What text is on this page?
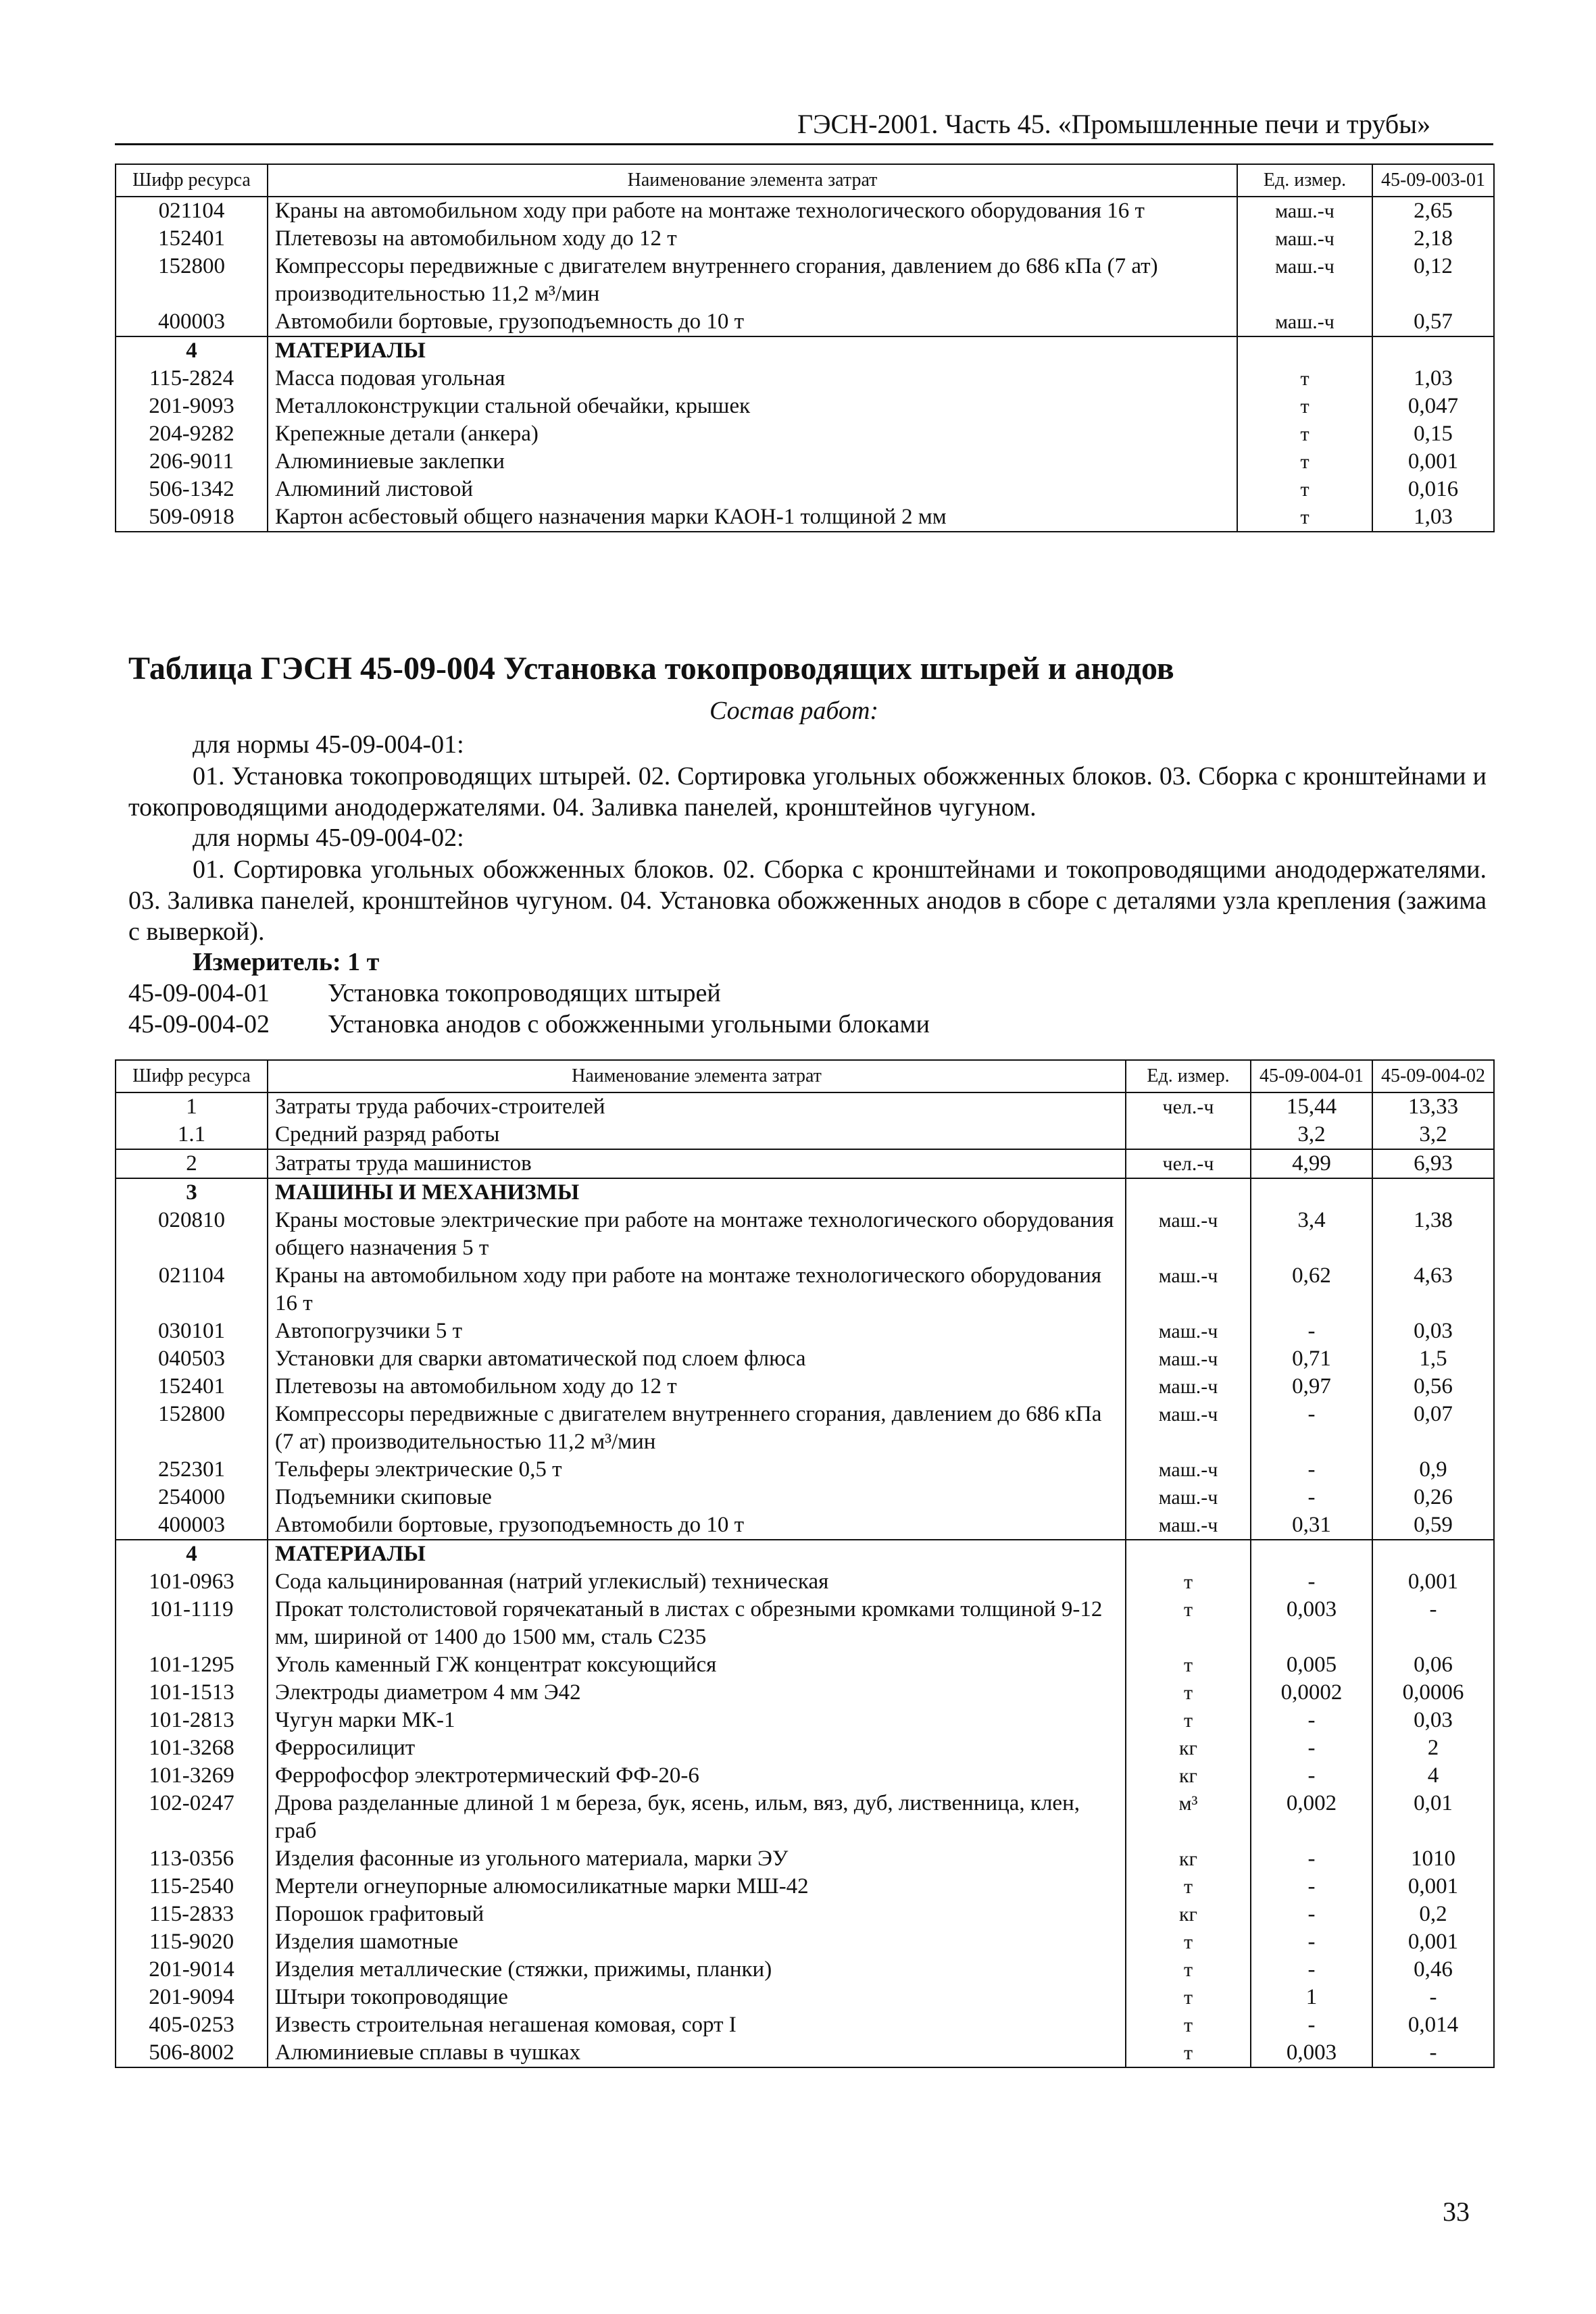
ГЭСН-2001. Часть 45. «Промышленные печи и трубы»
Шифр ресурса	Наименование элемента затрат	Ед. измер.	45-09-003-01
021104	Краны на автомобильном ходу при работе на монтаже технологического оборудования 16 т	маш.-ч	2,65
152401	Плетевозы на автомобильном ходу до 12 т	маш.-ч	2,18
152800	Компрессоры передвижные с двигателем внутреннего сгорания, давлением до 686 кПа (7 ат) производительностью 11,2 м³/мин	маш.-ч	0,12
400003	Автомобили бортовые, грузоподъемность до 10 т	маш.-ч	0,57
4	МАТЕРИАЛЫ		
115-2824	Масса подовая угольная	т	1,03
201-9093	Металлоконструкции стальной обечайки, крышек	т	0,047
204-9282	Крепежные детали (анкера)	т	0,15
206-9011	Алюминиевые заклепки	т	0,001
506-1342	Алюминий листовой	т	0,016
509-0918	Картон асбестовый общего назначения марки КАОН-1 толщиной 2 мм	т	1,03
Таблица ГЭСН 45-09-004 Установка токопроводящих штырей и анодов
Состав работ:
для нормы 45-09-004-01:
01. Установка токопроводящих штырей. 02. Сортировка угольных обожженных блоков. 03. Сборка с кронштейнами и токопроводящими анододержателями. 04. Заливка панелей, кронштейнов чугуном.
для нормы 45-09-004-02:
01. Сортировка угольных обожженных блоков. 02. Сборка с кронштейнами и токопроводящими анододержателями. 03. Заливка панелей, кронштейнов чугуном. 04. Установка обожженных анодов в сборе с деталями узла крепления (зажима с выверкой).
Измеритель: 1 т
45-09-004-01 Установка токопроводящих штырей
45-09-004-02 Установка анодов с обожженными угольными блоками
Шифр ресурса	Наименование элемента затрат	Ед. измер.	45-09-004-01	45-09-004-02
1	Затраты труда рабочих-строителей	чел.-ч	15,44	13,33
1.1	Средний разряд работы		3,2	3,2
2	Затраты труда машинистов	чел.-ч	4,99	6,93
3	МАШИНЫ И МЕХАНИЗМЫ			
020810	Краны мостовые электрические при работе на монтаже технологического оборудования общего назначения 5 т	маш.-ч	3,4	1,38
021104	Краны на автомобильном ходу при работе на монтаже технологического оборудования 16 т	маш.-ч	0,62	4,63
030101	Автопогрузчики 5 т	маш.-ч	-	0,03
040503	Установки для сварки автоматической под слоем флюса	маш.-ч	0,71	1,5
152401	Плетевозы на автомобильном ходу до 12 т	маш.-ч	0,97	0,56
152800	Компрессоры передвижные с двигателем внутреннего сгорания, давлением до 686 кПа (7 ат) производительностью 11,2 м³/мин	маш.-ч	-	0,07
252301	Тельферы электрические 0,5 т	маш.-ч	-	0,9
254000	Подъемники скиповые	маш.-ч	-	0,26
400003	Автомобили бортовые, грузоподъемность до 10 т	маш.-ч	0,31	0,59
4	МАТЕРИАЛЫ			
101-0963	Сода кальцинированная (натрий углекислый) техническая	т	-	0,001
101-1119	Прокат толстолистовой горячекатаный в листах с обрезными кромками толщиной 9-12 мм, шириной от 1400 до 1500 мм, сталь С235	т	0,003	-
101-1295	Уголь каменный ГЖ концентрат коксующийся	т	0,005	0,06
101-1513	Электроды диаметром 4 мм Э42	т	0,0002	0,0006
101-2813	Чугун марки МК-1	т	-	0,03
101-3268	Ферросилицит	кг	-	2
101-3269	Феррофосфор электротермический ФФ-20-6	кг	-	4
102-0247	Дрова разделанные длиной 1 м береза, бук, ясень, ильм, вяз, дуб, лиственница, клен, граб	м³	0,002	0,01
113-0356	Изделия фасонные из угольного материала, марки ЭУ	кг	-	1010
115-2540	Мертели огнеупорные алюмосиликатные марки МШ-42	т	-	0,001
115-2833	Порошок графитовый	кг	-	0,2
115-9020	Изделия шамотные	т	-	0,001
201-9014	Изделия металлические (стяжки, прижимы, планки)	т	-	0,46
201-9094	Штыри токопроводящие	т	1	-
405-0253	Известь строительная негашеная комовая, сорт I	т	-	0,014
506-8002	Алюминиевые сплавы в чушках	т	0,003	-
33
